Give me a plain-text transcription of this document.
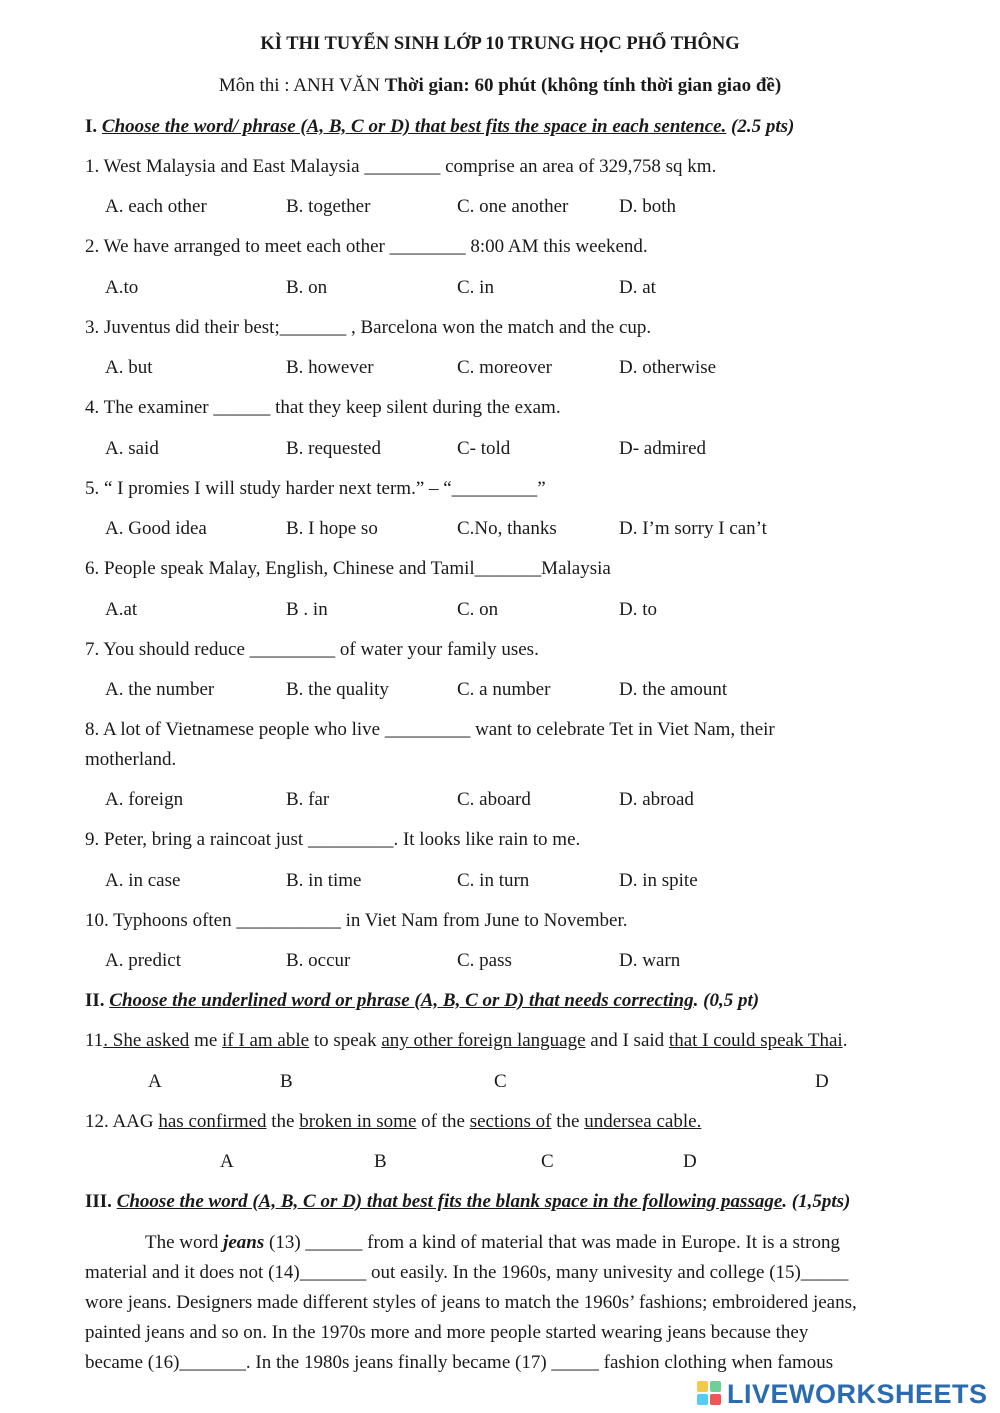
KÌ THI TUYỂN SINH LỚP 10 TRUNG HỌC PHỔ THÔNG
Môn thi : ANH VĂN Thời gian: 60 phút (không tính thời gian giao đề)
I. Choose the word/ phrase (A, B, C or D) that best fits the space in each sentence. (2.5 pts)
1. West Malaysia and East Malaysia ________ comprise an area of 329,758 sq km.
A. each other	B. together	C. one another	D. both
2. We have arranged to meet each other ________ 8:00 AM this weekend.
A.to	B. on	C. in	D. at
3. Juventus did their best;_______ , Barcelona won the match and the cup.
A. but	B. however	C. moreover	D. otherwise
4. The examiner ______ that they keep silent during the exam.
A. said	B. requested	C- told	D- admired
5. “ I promies I will study harder next term.” – “_________”
A. Good idea	B. I hope so	C.No, thanks	D. I’m sorry I can’t
6. People speak Malay, English, Chinese and Tamil_______Malaysia
A.at	B . in	C. on	D. to
7. You should reduce _________ of water your family uses.
A. the number	B. the quality	C. a number	D. the amount
8. A lot of Vietnamese people who live _________ want to celebrate Tet in Viet Nam, their
motherland.
A. foreign	B. far	C. aboard	D. abroad
9. Peter, bring a raincoat just _________. It looks like rain to me.
A. in case	B. in time	C. in turn	D. in spite
10. Typhoons often ___________ in Viet Nam from June to November.
A. predict	B. occur	C. pass	D. warn
II. Choose the underlined word or phrase (A, B, C or D) that needs correcting. (0,5 pt)
11. She asked me if I am able to speak any other foreign language and I said that I could speak Thai.
A	B	C	D
12. AAG has confirmed the broken in some of the sections of the undersea cable.
A	B	C	D
III. Choose the word (A, B, C or D) that best fits the blank space in the following passage. (1,5pts)
The word jeans (13) ______ from a kind of material that was made in Europe. It is a strong
material and it does not (14)_______ out easily. In the 1960s, many univesity and college (15)_____
wore jeans. Designers made different styles of jeans to match the 1960s’ fashions; embroidered jeans,
painted jeans and so on. In the 1970s more and more people started wearing jeans because they
became (16)_______. In the 1980s jeans finally became (17) _____ fashion clothing when famous
LIVEWORKSHEETS
